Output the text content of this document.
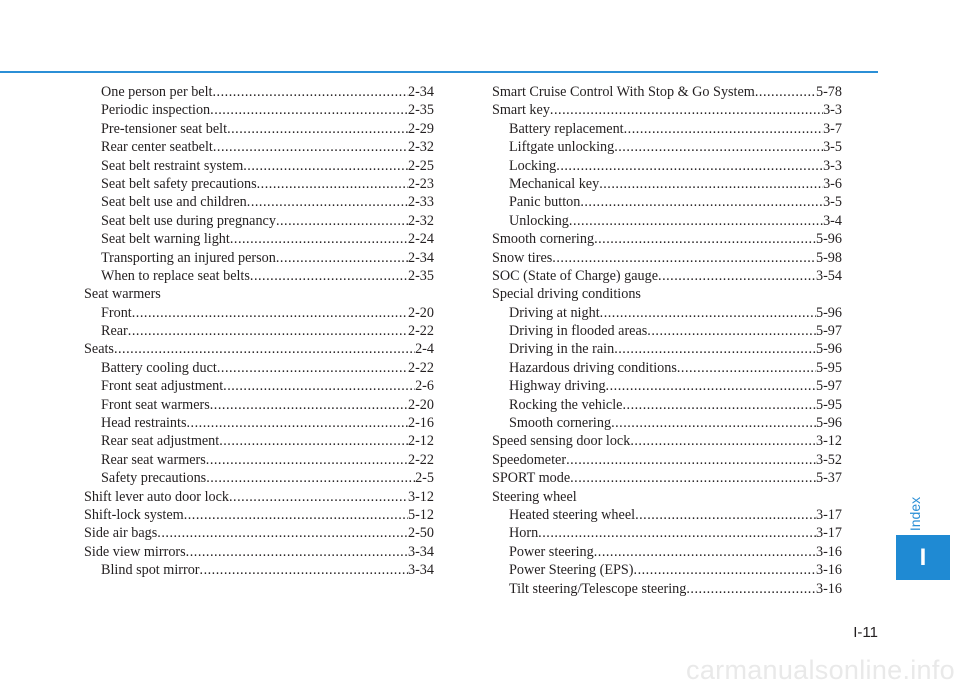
One person per belt .....	2-34
Periodic inspection .....	2-35
Pre-tensioner seat belt .....	2-29
Rear center seatbelt .....	2-32
Seat belt restraint system .....	2-25
Seat belt safety precautions .....	2-23
Seat belt use and children .....	2-33
Seat belt use during pregnancy .....	2-32
Seat belt warning light .....	2-24
Transporting an injured person .....	2-34
When to replace seat belts .....	2-35
Seat warmers
Front .....	2-20
Rear .....	2-22
Seats .....	2-4
Battery cooling duct .....	2-22
Front seat adjustment .....	2-6
Front seat warmers .....	2-20
Head restraints .....	2-16
Rear seat adjustment .....	2-12
Rear seat warmers .....	2-22
Safety precautions .....	2-5
Shift lever auto door lock .....	3-12
Shift-lock system .....	5-12
Side air bags .....	2-50
Side view mirrors .....	3-34
Blind spot mirror .....	3-34
Smart Cruise Control With Stop & Go System .....	5-78
Smart key .....	3-3
Battery replacement .....	3-7
Liftgate unlocking .....	3-5
Locking .....	3-3
Mechanical key .....	3-6
Panic button .....	3-5
Unlocking .....	3-4
Smooth cornering .....	5-96
Snow tires .....	5-98
SOC (State of Charge) gauge .....	3-54
Special driving conditions
Driving at night .....	5-96
Driving in flooded areas .....	5-97
Driving in the rain .....	5-96
Hazardous driving conditions .....	5-95
Highway driving .....	5-97
Rocking the vehicle .....	5-95
Smooth cornering .....	5-96
Speed sensing door lock .....	3-12
Speedometer .....	3-52
SPORT mode .....	5-37
Steering wheel
Heated steering wheel .....	3-17
Horn .....	3-17
Power steering .....	3-16
Power Steering (EPS) .....	3-16
Tilt steering/Telescope steering .....	3-16
Index
I
I-11
carmanualsonline.info
